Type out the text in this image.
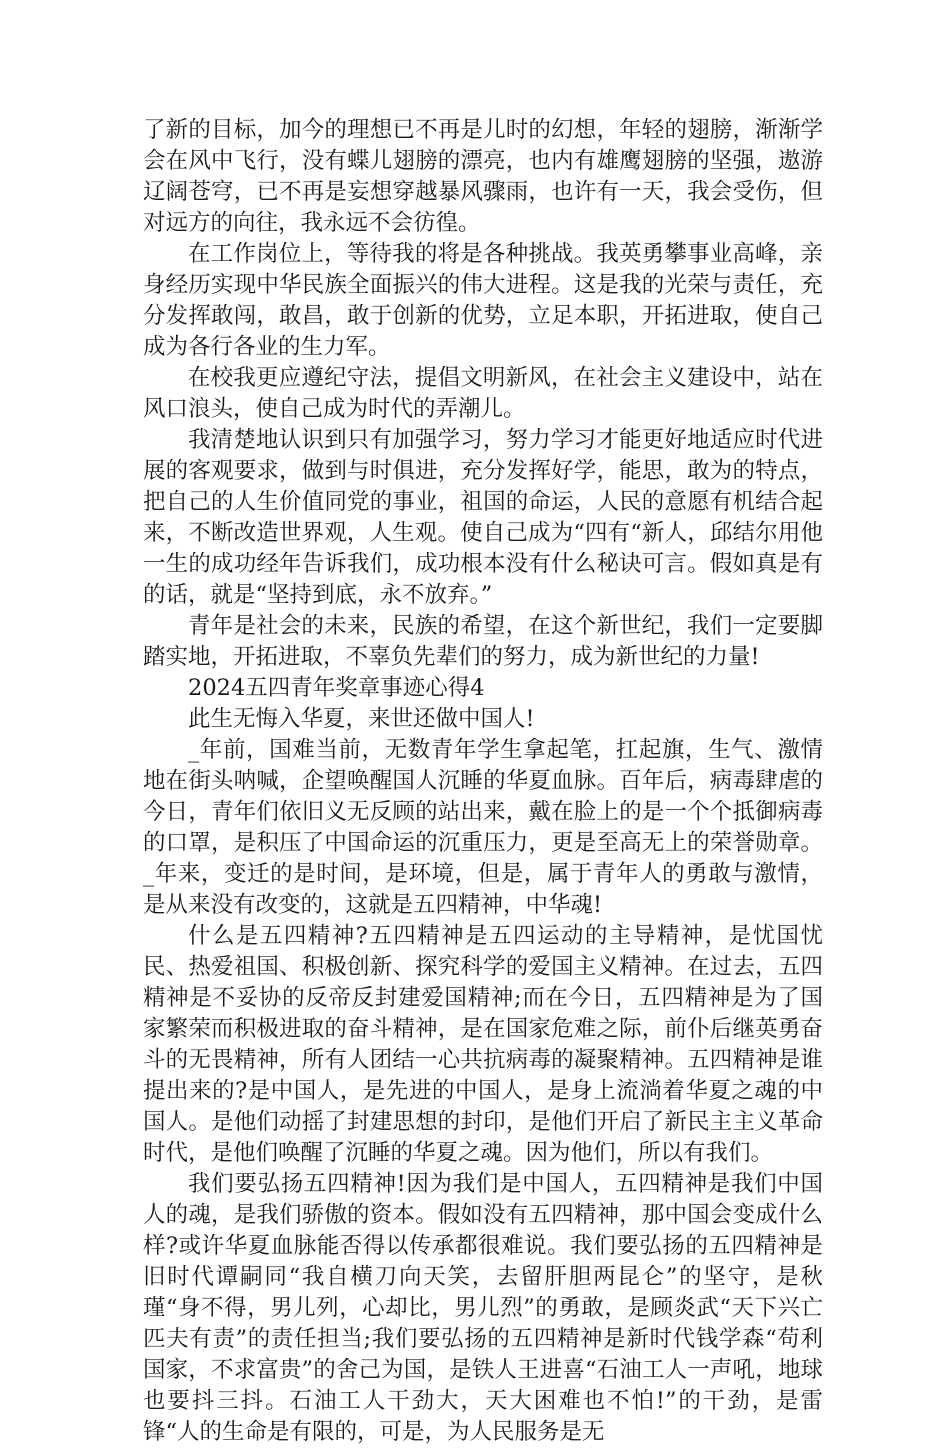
了新的目标，加今的理想已不再是儿时的幻想，年轻的翅膀，渐渐学会在风中飞行，没有蝶儿翅膀的漂亮，也内有雄鹰翅膀的坚强，遨游辽阔苍穹，已不再是妄想穿越暴风骤雨，也许有一天，我会受伤，但对远方的向往，我永远不会彷徨。

在工作岗位上，等待我的将是各种挑战。我英勇攀事业高峰，亲身经历实现中华民族全面振兴的伟大进程。这是我的光荣与责任，充分发挥敢闯，敢昌，敢于创新的优势，立足本职，开拓进取，使自己成为各行各业的生力军。

在校我更应遵纪守法，提倡文明新风，在社会主义建设中，站在风口浪头，使自己成为时代的弄潮儿。

我清楚地认识到只有加强学习，努力学习才能更好地适应时代进展的客观要求，做到与时俱进，充分发挥好学，能思，敢为的特点，把自己的人生价值同党的事业，祖国的命运，人民的意愿有机结合起来，不断改造世界观，人生观。使自己成为“四有“新人，邱结尔用他一生的成功经年告诉我们，成功根本没有什么秘诀可言。假如真是有的话，就是“坚持到底，永不放弃。”

青年是社会的未来，民族的希望，在这个新世纪，我们一定要脚踏实地，开拓进取，不辜负先辈们的努力，成为新世纪的力量!

2024五四青年奖章事迹心得4

此生无悔入华夏，来世还做中国人!

_年前，国难当前，无数青年学生拿起笔，扛起旗，生气、激情地在街头呐喊，企望唤醒国人沉睡的华夏血脉。百年后，病毒肆虐的今日，青年们依旧义无反顾的站出来，戴在脸上的是一个个抵御病毒的口罩，是积压了中国命运的沉重压力，更是至高无上的荣誉勋章。_年来，变迁的是时间，是环境，但是，属于青年人的勇敢与激情，是从来没有改变的，这就是五四精神，中华魂!

什么是五四精神?五四精神是五四运动的主导精神，是忧国忧民、热爱祖国、积极创新、探究科学的爱国主义精神。在过去，五四精神是不妥协的反帝反封建爱国精神;而在今日，五四精神是为了国家繁荣而积极进取的奋斗精神，是在国家危难之际，前仆后继英勇奋斗的无畏精神，所有人团结一心共抗病毒的凝聚精神。五四精神是谁提出来的?是中国人，是先进的中国人，是身上流淌着华夏之魂的中国人。是他们动摇了封建思想的封印，是他们开启了新民主主义革命时代，是他们唤醒了沉睡的华夏之魂。因为他们，所以有我们。

我们要弘扬五四精神!因为我们是中国人，五四精神是我们中国人的魂，是我们骄傲的资本。假如没有五四精神，那中国会变成什么样?或许华夏血脉能否得以传承都很难说。我们要弘扬的五四精神是旧时代谭嗣同“我自横刀向天笑，去留肝胆两昆仑”的坚守，是秋瑾“身不得，男儿列，心却比，男儿烈”的勇敢，是顾炎武“天下兴亡匹夫有责”的责任担当;我们要弘扬的五四精神是新时代钱学森“苟利国家，不求富贵”的舍己为国，是铁人王进喜“石油工人一声吼，地球也要抖三抖。石油工人干劲大，天大困难也不怕!”的干劲，是雷锋“人的生命是有限的，可是，为人民服务是无
